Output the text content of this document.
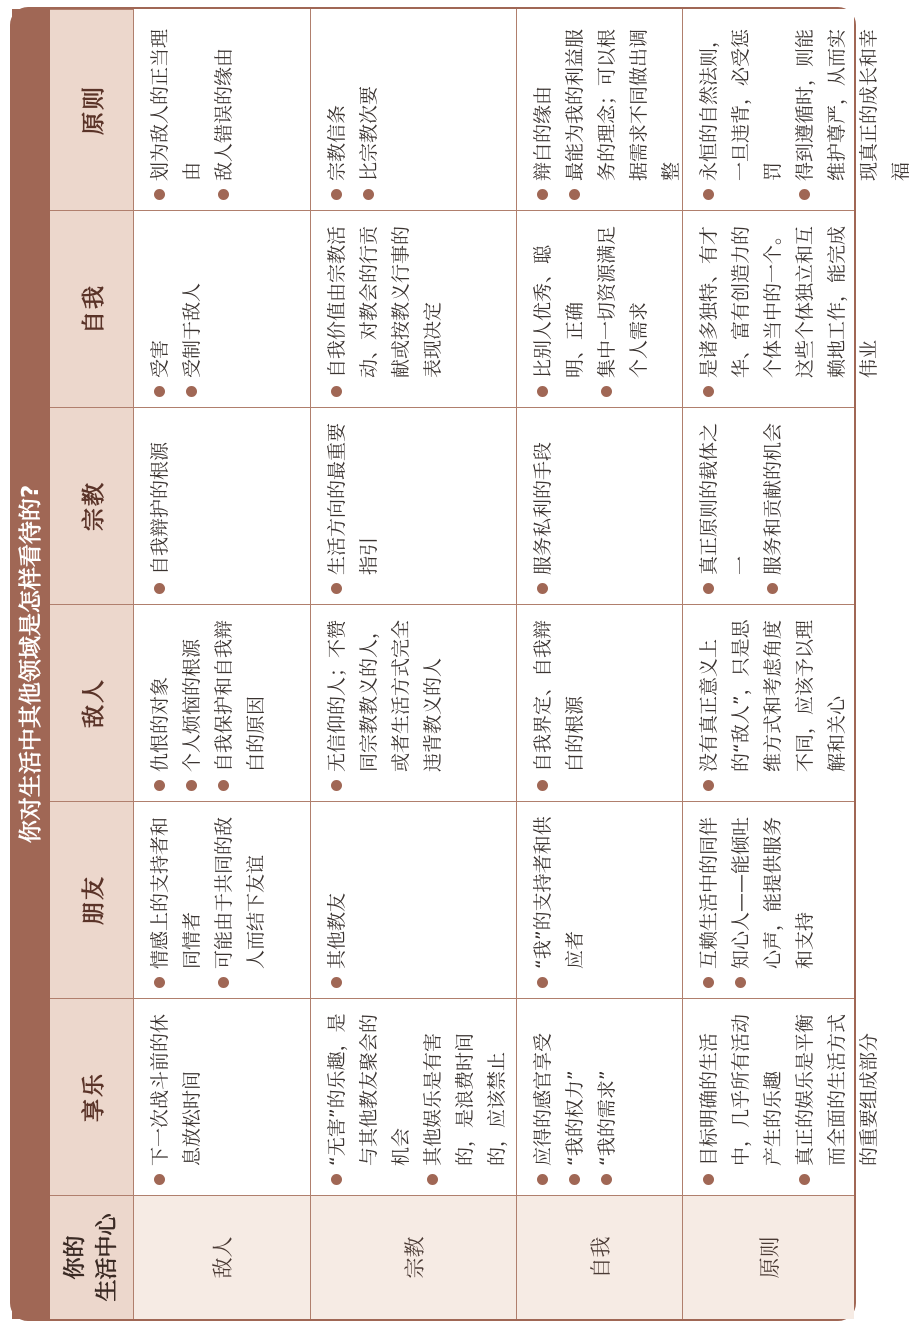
你对生活中其他领域是怎样看待的?
你的 生活中心
享乐
朋友
敌人
宗教
自我
原则
敌人
下一次战斗前的休息放松时间
情感上的支持者和同情者 可能由于共同的敌人而结下友谊
仇恨的对象 个人烦恼的根源 自我保护和自我辩白的原因
自我辩护的根源
受害 受制于敌人
划为敌人的正当理由 敌人错误的缘由
宗教
“无害”的乐趣，是与其他教友聚会的机会 其他娱乐是有害的，是浪费时间的，应该禁止
其他教友
无信仰的人；不赞同宗教教义的人，或者生活方式完全违背教义的人
生活方向的最重要指引
自我价值由宗教活动、对教会的行贡献或按教义行事的表现决定
宗教信条 比宗教次要
自我
应得的感官享受 “我的权力” “我的需求”
“我”的支持者和供应者
自我界定、自我辩白的根源
服务私利的手段
比别人优秀、聪明、正确 集中一切资源满足个人需求
辩白的缘由 最能为我的利益服务的理念；可以根据需求不同做出调整
原则
目标明确的生活中，几乎所有活动产生的乐趣 真正的娱乐是平衡而全面的生活方式的重要组成部分
互赖生活中的同伴 知心人——能倾吐心声，能提供服务和支持
没有真正意义上的“敌人”，只是思维方式和考虑角度不同，应该予以理解和关心
真正原则的载体之一 服务和贡献的机会
是诸多独特、有才华、富有创造力的个体当中的一个。这些个体独立和互赖地工作，能完成伟业
永恒的自然法则，一旦违背，必受惩罚 得到遵循时，则能维护尊严，从而实现真正的成长和幸福
